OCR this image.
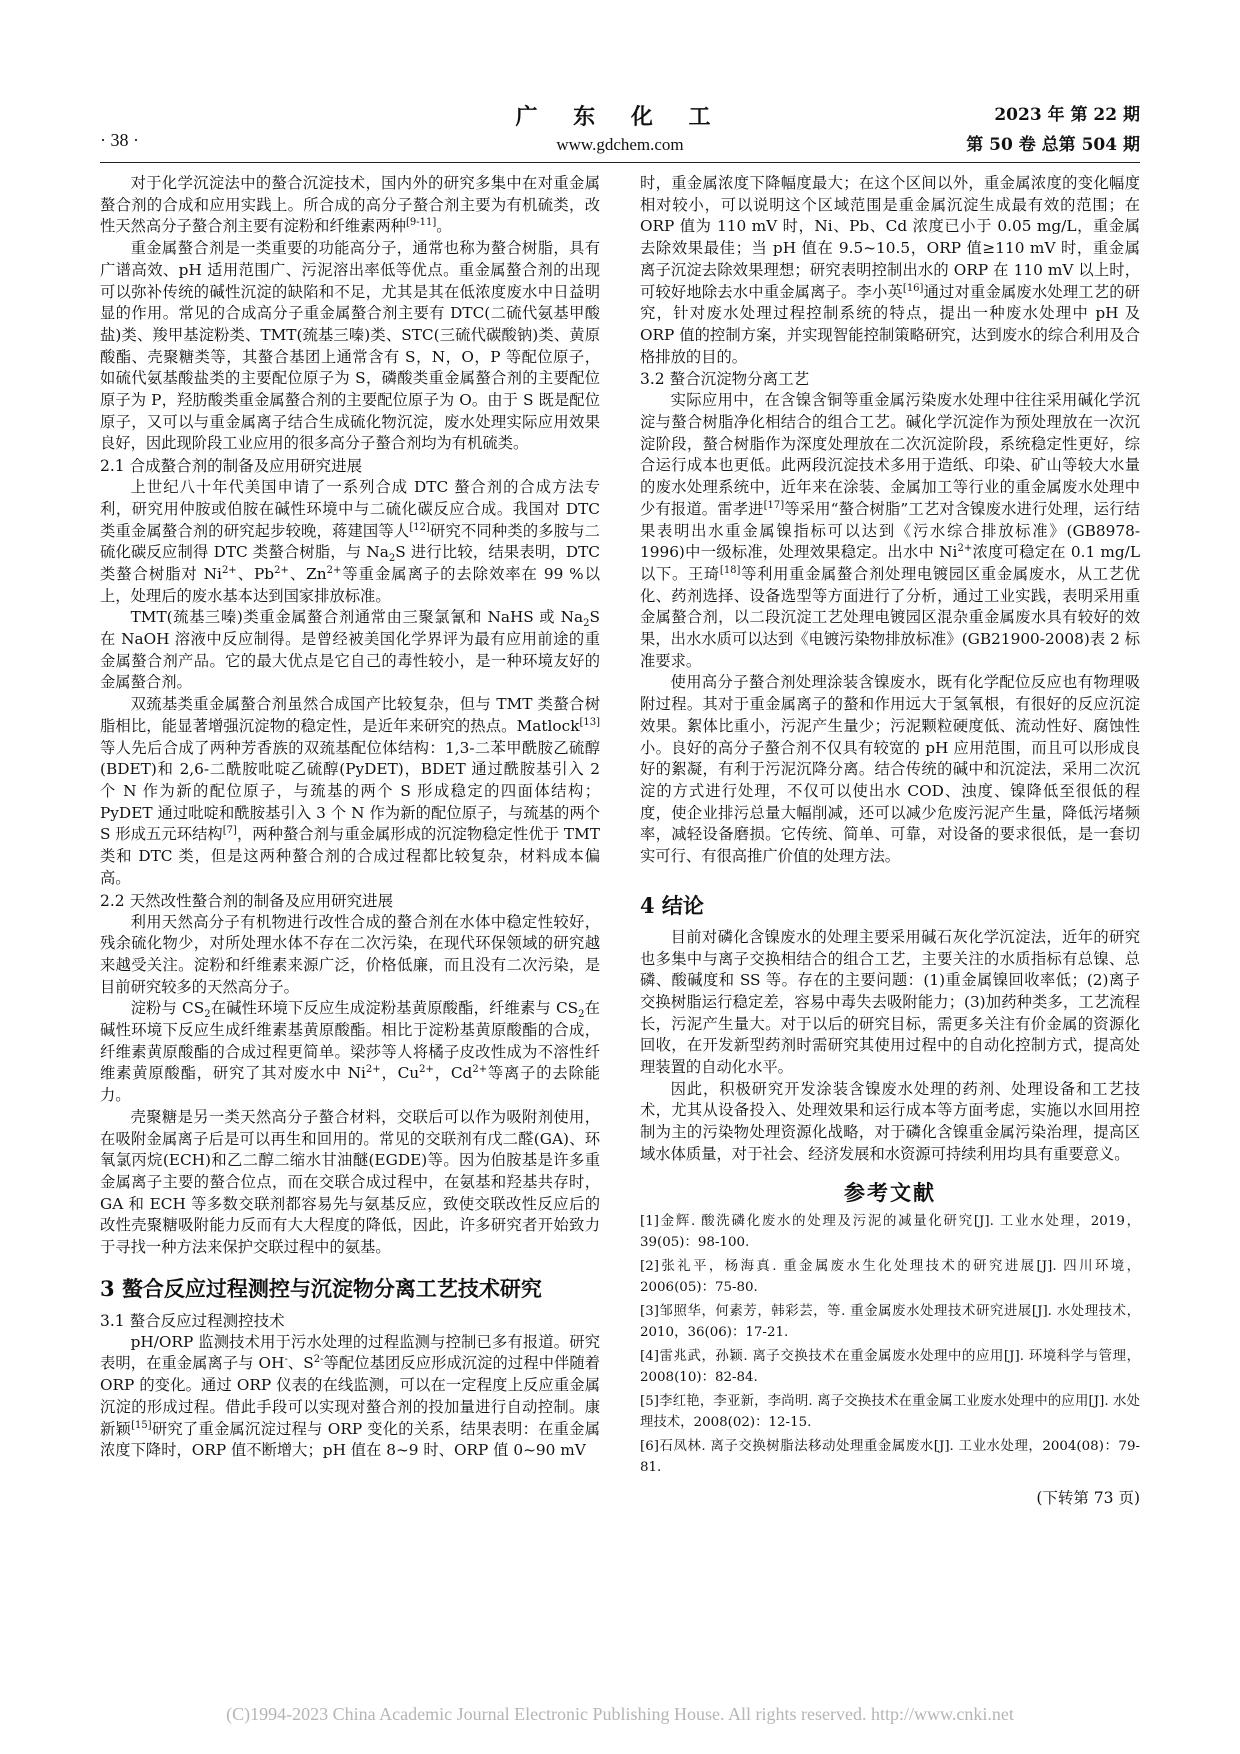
· 38 ·
广 东 化 工
www.gdchem.com
2023 年 第 22 期
第 50 卷 总第 504 期

对于化学沉淀法中的螯合沉淀技术，国内外的研究多集中在对重金属螯合剂的合成和应用实践上。所合成的高分子螯合剂主要为有机硫类，改性天然高分子螯合剂主要有淀粉和纤维素两种[9-11]。

重金属螯合剂是一类重要的功能高分子，通常也称为螯合树脂，具有广谱高效、pH 适用范围广、污泥溶出率低等优点。重金属螯合剂的出现可以弥补传统的碱性沉淀的缺陷和不足，尤其是其在低浓度废水中日益明显的作用。常见的合成高分子重金属螯合剂主要有 DTC(二硫代氨基甲酸盐)类、羧甲基淀粉类、TMT(巯基三嗪)类、STC(三硫代碳酸钠)类、黄原酸酯、壳聚糖类等，其螯合基团上通常含有 S，N，O，P 等配位原子，如硫代氨基酸盐类的主要配位原子为 S，磷酸类重金属螯合剂的主要配位原子为 P，羟肪酸类重金属螯合剂的主要配位原子为 O。由于 S 既是配位原子，又可以与重金属离子结合生成硫化物沉淀，废水处理实际应用效果良好，因此现阶段工业应用的很多高分子螯合剂均为有机硫类。

2.1 合成螯合剂的制备及应用研究进展

上世纪八十年代美国申请了一系列合成 DTC 螯合剂的合成方法专利，研究用仲胺或伯胺在碱性环境中与二硫化碳反应合成。我国对 DTC 类重金属螯合剂的研究起步较晚，蒋建国等人[12]研究不同种类的多胺与二硫化碳反应制得 DTC 类螯合树脂，与 $Na_2S$ 进行比较，结果表明，DTC 类螯合树脂对 $Ni^{2+}$、$Pb^{2+}$、$Zn^{2+}$等重金属离子的去除效率在 99 %以上，处理后的废水基本达到国家排放标准。

TMT(巯基三嗪)类重金属螯合剂通常由三聚氯氰和 NaHS 或 $Na_2S$ 在 NaOH 溶液中反应制得。是曾经被美国化学界评为最有应用前途的重金属螯合剂产品。它的最大优点是它自己的毒性较小，是一种环境友好的金属螯合剂。

双巯基类重金属螯合剂虽然合成国产比较复杂，但与 TMT 类螯合树脂相比，能显著增强沉淀物的稳定性，是近年来研究的热点。Matlock[13]等人先后合成了两种芳香族的双巯基配位体结构：1,3-二苯甲酰胺乙硫醇(BDET)和 2,6-二酰胺吡啶乙硫醇(PyDET)，BDET 通过酰胺基引入 2 个 N 作为新的配位原子，与巯基的两个 S 形成稳定的四面体结构；PyDET 通过吡啶和酰胺基引入 3 个 N 作为新的配位原子，与巯基的两个 S 形成五元环结构[7]，两种螯合剂与重金属形成的沉淀物稳定性优于 TMT 类和 DTC 类，但是这两种螯合剂的合成过程都比较复杂，材料成本偏高。

2.2 天然改性螯合剂的制备及应用研究进展

利用天然高分子有机物进行改性合成的螯合剂在水体中稳定性较好，残余硫化物少，对所处理水体不存在二次污染，在现代环保领域的研究越来越受关注。淀粉和纤维素来源广泛，价格低廉，而且没有二次污染，是目前研究较多的天然高分子。

淀粉与 $CS_2$在碱性环境下反应生成淀粉基黄原酸酯，纤维素与 $CS_2$在碱性环境下反应生成纤维素基黄原酸酯。相比于淀粉基黄原酸酯的合成，纤维素黄原酸酯的合成过程更简单。梁莎等人将橘子皮改性成为不溶性纤维素黄原酸酯，研究了其对废水中 $Ni^{2+}$，$Cu^{2+}$，$Cd^{2+}$等离子的去除能力。

壳聚糖是另一类天然高分子螯合材料，交联后可以作为吸附剂使用，在吸附金属离子后是可以再生和回用的。常见的交联剂有戊二醛(GA)、环氧氯丙烷(ECH)和乙二醇二缩水甘油醚(EGDE)等。因为伯胺基是许多重金属离子主要的螯合位点，而在交联合成过程中，在氨基和羟基共存时，GA 和 ECH 等多数交联剂都容易先与氨基反应，致使交联改性反应后的改性壳聚糖吸附能力反而有大大程度的降低，因此，许多研究者开始致力于寻找一种方法来保护交联过程中的氨基。

3 螯合反应过程测控与沉淀物分离工艺技术研究
3.1 螯合反应过程测控技术

pH/ORP 监测技术用于污水处理的过程监测与控制已多有报道。研究表明，在重金属离子与 OH-、$S^{2-}$等配位基团反应形成沉淀的过程中伴随着 ORP 的变化。通过 ORP 仪表的在线监测，可以在一定程度上反应重金属沉淀的形成过程。借此手段可以实现对螯合剂的投加量进行自动控制。康新颖[15]研究了重金属沉淀过程与 ORP 变化的关系，结果表明：在重金属浓度下降时，ORP 值不断增大；pH 值在 8~9 时、ORP 值 0~90 mV

时，重金属浓度下降幅度最大；在这个区间以外，重金属浓度的变化幅度相对较小，可以说明这个区域范围是重金属沉淀生成最有效的范围；在 ORP 值为 110 mV 时，Ni、Pb、Cd 浓度已小于 0.05 mg/L，重金属去除效果最佳；当 pH 值在 9.5~10.5，ORP 值≥110 mV 时，重金属离子沉淀去除效果理想；研究表明控制出水的 ORP 在 110 mV 以上时，可较好地除去水中重金属离子。李小英[16]通过对重金属废水处理工艺的研究，针对废水处理过程控制系统的特点，提出一种废水处理中 pH 及 ORP 值的控制方案，并实现智能控制策略研究，达到废水的综合利用及合格排放的目的。

3.2 螯合沉淀物分离工艺

实际应用中，在含镍含铜等重金属污染废水处理中往往采用碱化学沉淀与螯合树脂净化相结合的组合工艺。碱化学沉淀作为预处理放在一次沉淀阶段，螯合树脂作为深度处理放在二次沉淀阶段，系统稳定性更好，综合运行成本也更低。此两段沉淀技术多用于造纸、印染、矿山等较大水量的废水处理系统中，近年来在涂装、金属加工等行业的重金属废水处理中少有报道。雷孝进[17]等采用“螯合树脂”工艺对含镍废水进行处理，运行结果表明出水重金属镍指标可以达到《污水综合排放标准》(GB8978-1996)中一级标准，处理效果稳定。出水中 $Ni^{2+}$浓度可稳定在 0.1 mg/L 以下。王琦[18]等利用重金属螯合剂处理电镀园区重金属废水，从工艺优化、药剂选择、设备选型等方面进行了分析，通过工业实践，表明采用重金属螯合剂，以二段沉淀工艺处理电镀园区混杂重金属废水具有较好的效果，出水水质可以达到《电镀污染物排放标准》(GB21900-2008)表 2 标准要求。

使用高分子螯合剂处理涂装含镍废水，既有化学配位反应也有物理吸附过程。其对于重金属离子的螯和作用远大于氢氧根，有很好的反应沉淀效果。絮体比重小，污泥产生量少；污泥颗粒硬度低、流动性好、腐蚀性小。良好的高分子螯合剂不仅具有较宽的 pH 应用范围，而且可以形成良好的絮凝，有利于污泥沉降分离。结合传统的碱中和沉淀法，采用二次沉淀的方式进行处理，不仅可以使出水 COD、浊度、镍降低至很低的程度，使企业排污总量大幅削减，还可以减少危废污泥产生量，降低污堵频率，减轻设备磨损。它传统、简单、可靠，对设备的要求很低，是一套切实可行、有很高推广价值的处理方法。

4 结论

目前对磷化含镍废水的处理主要采用碱石灰化学沉淀法，近年的研究也多集中与离子交换相结合的组合工艺，主要关注的水质指标有总镍、总磷、酸碱度和 SS 等。存在的主要问题：(1)重金属镍回收率低；(2)离子交换树脂运行稳定差，容易中毒失去吸附能力；(3)加药种类多，工艺流程长，污泥产生量大。对于以后的研究目标，需更多关注有价金属的资源化回收，在开发新型药剂时需研究其使用过程中的自动化控制方式，提高处理装置的自动化水平。

因此，积极研究开发涂装含镍废水处理的药剂、处理设备和工艺技术，尤其从设备投入、处理效果和运行成本等方面考虑，实施以水回用控制为主的污染物处理资源化战略，对于磷化含镍重金属污染治理，提高区域水体质量，对于社会、经济发展和水资源可持续利用均具有重要意义。

参考文献
[1]金辉. 酸洗磷化废水的处理及污泥的减量化研究[J]. 工业水处理，2019，39(05)：98-100.
[2]张礼平，杨海真. 重金属废水生化处理技术的研究进展[J]. 四川环境，2006(05)：75-80.
[3]邹照华，何素芳，韩彩芸，等. 重金属废水处理技术研究进展[J]. 水处理技术，2010，36(06)：17-21.
[4]雷兆武，孙颖. 离子交换技术在重金属废水处理中的应用[J]. 环境科学与管理，2008(10)：82-84.
[5]李红艳，李亚新，李尚明. 离子交换技术在重金属工业废水处理中的应用[J]. 水处理技术，2008(02)：12-15.
[6]石凤林. 离子交换树脂法移动处理重金属废水[J]. 工业水处理，2004(08)：79-81.
(下转第 73 页)
(C)1994-2023 China Academic Journal Electronic Publishing House. All rights reserved. http://www.cnki.net
